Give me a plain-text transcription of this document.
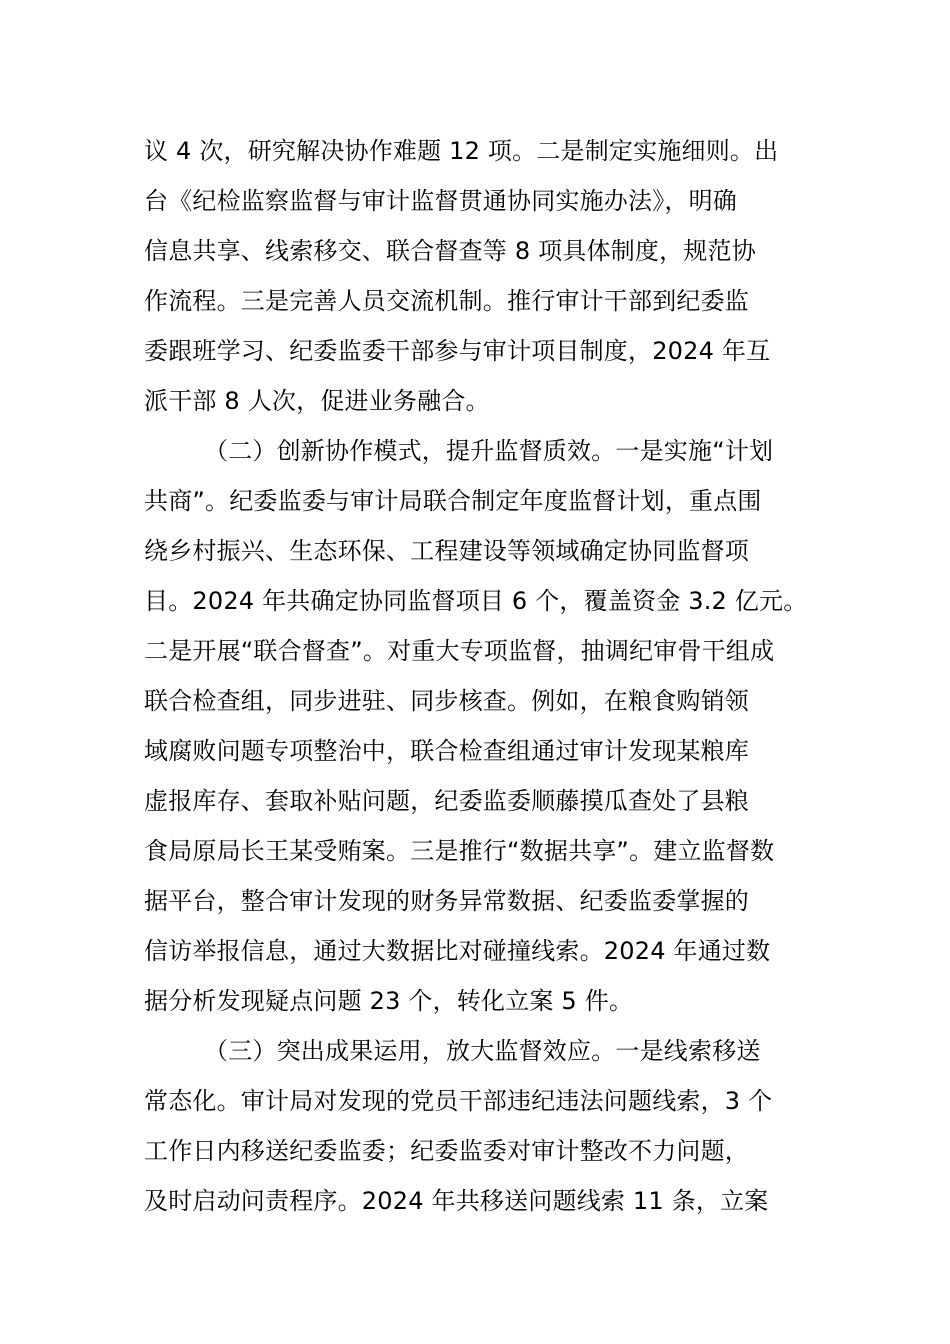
议 4 次，研究解决协作难题 12 项。二是制定实施细则。出
台《纪检监察监督与审计监督贯通协同实施办法》，明确
信息共享、线索移交、联合督查等 8 项具体制度，规范协
作流程。三是完善人员交流机制。推行审计干部到纪委监
委跟班学习、纪委监委干部参与审计项目制度，2024 年互
派干部 8 人次，促进业务融合。
（二）创新协作模式，提升监督质效。一是实施“计划
共商”。纪委监委与审计局联合制定年度监督计划，重点围
绕乡村振兴、生态环保、工程建设等领域确定协同监督项
目。2024 年共确定协同监督项目 6 个，覆盖资金 3.2 亿元。
二是开展“联合督查”。对重大专项监督，抽调纪审骨干组成
联合检查组，同步进驻、同步核查。例如，在粮食购销领
域腐败问题专项整治中，联合检查组通过审计发现某粮库
虚报库存、套取补贴问题，纪委监委顺藤摸瓜查处了县粮
食局原局长王某受贿案。三是推行“数据共享”。建立监督数
据平台，整合审计发现的财务异常数据、纪委监委掌握的
信访举报信息，通过大数据比对碰撞线索。2024 年通过数
据分析发现疑点问题 23 个，转化立案 5 件。
（三）突出成果运用，放大监督效应。一是线索移送
常态化。审计局对发现的党员干部违纪违法问题线索，3 个
工作日内移送纪委监委；纪委监委对审计整改不力问题，
及时启动问责程序。2024 年共移送问题线索 11 条，立案
